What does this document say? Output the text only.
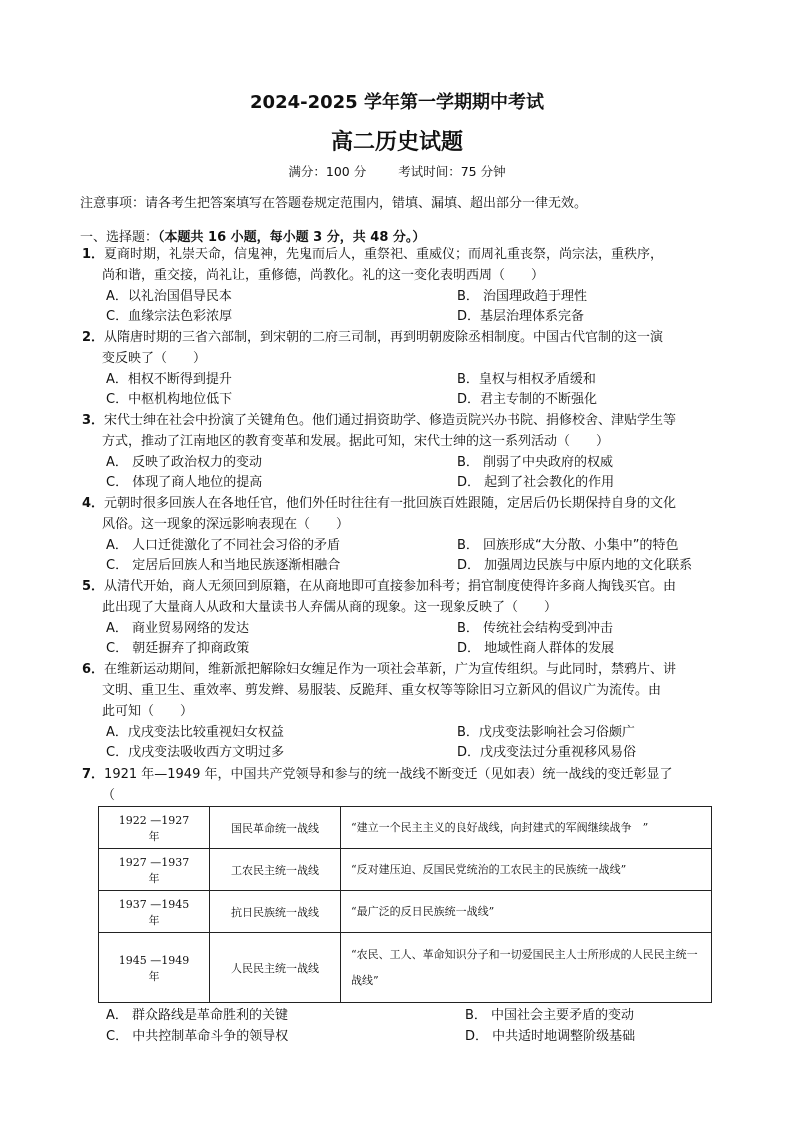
2024-2025 学年第一学期期中考试
高二历史试题
满分：100 分	考试时间：75 分钟
注意事项：请各考生把答案填写在答题卷规定范围内，错填、漏填、超出部分一律无效。
一、选择题：（本题共 16 小题，每小题 3 分，共 48 分。）
1．夏商时期，礼崇天命，信鬼神，先鬼而后人，重祭祀、重威仪；而周礼重丧祭，尚宗法，重秩序，
尚和谐，重交接，尚礼让，重修德，尚教化。礼的这一变化表明西周（　　）
A．以礼治国倡导民本	B． 治国理政趋于理性
C．血缘宗法色彩浓厚	D．基层治理体系完备
2．从隋唐时期的三省六部制，到宋朝的二府三司制，再到明朝废除丞相制度。中国古代官制的这一演
变反映了（　　）
A．相权不断得到提升	B．皇权与相权矛盾缓和
C．中枢机构地位低下	D．君主专制的不断强化
3．宋代士绅在社会中扮演了关键角色。他们通过捐资助学、修造贡院兴办书院、捐修校舍、津贴学生等
方式，推动了江南地区的教育变革和发展。据此可知，宋代士绅的这一系列活动（　　）
A． 反映了政治权力的变动	B． 削弱了中央政府的权威
C． 体现了商人地位的提高	D． 起到了社会教化的作用
4．元朝时很多回族人在各地任官，他们外任时往往有一批回族百姓跟随，定居后仍长期保持自身的文化
风俗。这一现象的深远影响表现在（　　）
A． 人口迁徙激化了不同社会习俗的矛盾	B． 回族形成“大分散、小集中”的特色
C． 定居后回族人和当地民族逐渐相融合	D． 加强周边民族与中原内地的文化联系
5．从清代开始，商人无须回到原籍，在从商地即可直接参加科考；捐官制度使得许多商人掏钱买官。由
此出现了大量商人从政和大量读书人弃儒从商的现象。这一现象反映了（　　）
A． 商业贸易网络的发达	B． 传统社会结构受到冲击
C． 朝廷摒弃了抑商政策	D． 地域性商人群体的发展
6．在维新运动期间，维新派把解除妇女缠足作为一项社会革新，广为宣传组织。与此同时，禁鸦片、讲
文明、重卫生、重效率、剪发辫、易服装、反跪拜、重女权等等除旧习立新风的倡议广为流传。由
此可知（　　）
A．戊戌变法比较重视妇女权益	B．戊戌变法影响社会习俗颇广
C．戊戌变法吸收西方文明过多	D．戊戌变法过分重视移风易俗
7．1921 年—1949 年，中国共产党领导和参与的统一战线不断变迁（见如表）统一战线的变迁彰显了
（
1922 —1927　年	国民革命统一战线	“建立一个民主主义的良好战线，向封建式的军阀继续战争　”
1927 —1937　年	工农民主统一战线	“反对建压迫、反国民党统治的工农民主的民族统一战线”
1937 —1945　年	抗日民族统一战线	“最广泛的反日民族统一战线”
1945 —1949　年	人民民主统一战线	“农民、工人、革命知识分子和一切爱国民主人士所形成的人民民主统一战线”
A． 群众路线是革命胜利的关键	B． 中国社会主要矛盾的变动
C． 中共控制革命斗争的领导权	D． 中共适时地调整阶级基础
